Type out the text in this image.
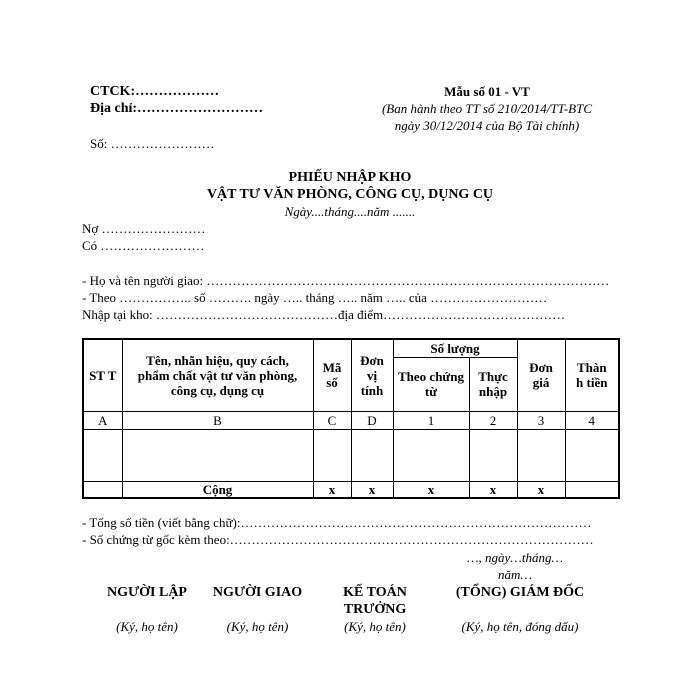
CTCK:………………
Địa chỉ:………………………
Số: ……………………
Mẫu số 01 - VT
(Ban hành theo TT số 210/2014/TT-BTC
ngày 30/12/2014 của Bộ Tài chính)
PHIẾU NHẬP KHO
VẬT TƯ VĂN PHÒNG, CÔNG CỤ, DỤNG CỤ
Ngày....tháng....năm .......
Nợ ……………………
Có ……………………
- Họ và tên người giao: …………………………………………………………………………………
- Theo …………….. số ………. ngày ….. tháng ….. năm ….. của ………………………
Nhập tại kho: ……………………………………địa điểm……………………………………
ST T	Tên, nhãn hiệu, quy cách, phẩm chất vật tư văn phòng, công cụ, dụng cụ	Mã số	Đơn vị tính	Số lượng		Đơn giá	Thàn h tiền
				Theo chứng từ	Thực nhập		
A	B	C	D	1	2	3	4

	Cộng	x	x	x	x	x	
- Tổng số tiền (viết bằng chữ):………………………………………………………………………
- Số chứng từ gốc kèm theo:…………………………………………………………………………
…, ngày…tháng…
năm…
NGƯỜI LẬP	NGƯỜI GIAO	KẾ TOÁN TRƯỞNG
(TỔNG) GIÁM ĐỐC
(Ký, họ tên)	(Ký, họ tên)	(Ký, họ tên)	(Ký, họ tên, đóng dấu)
